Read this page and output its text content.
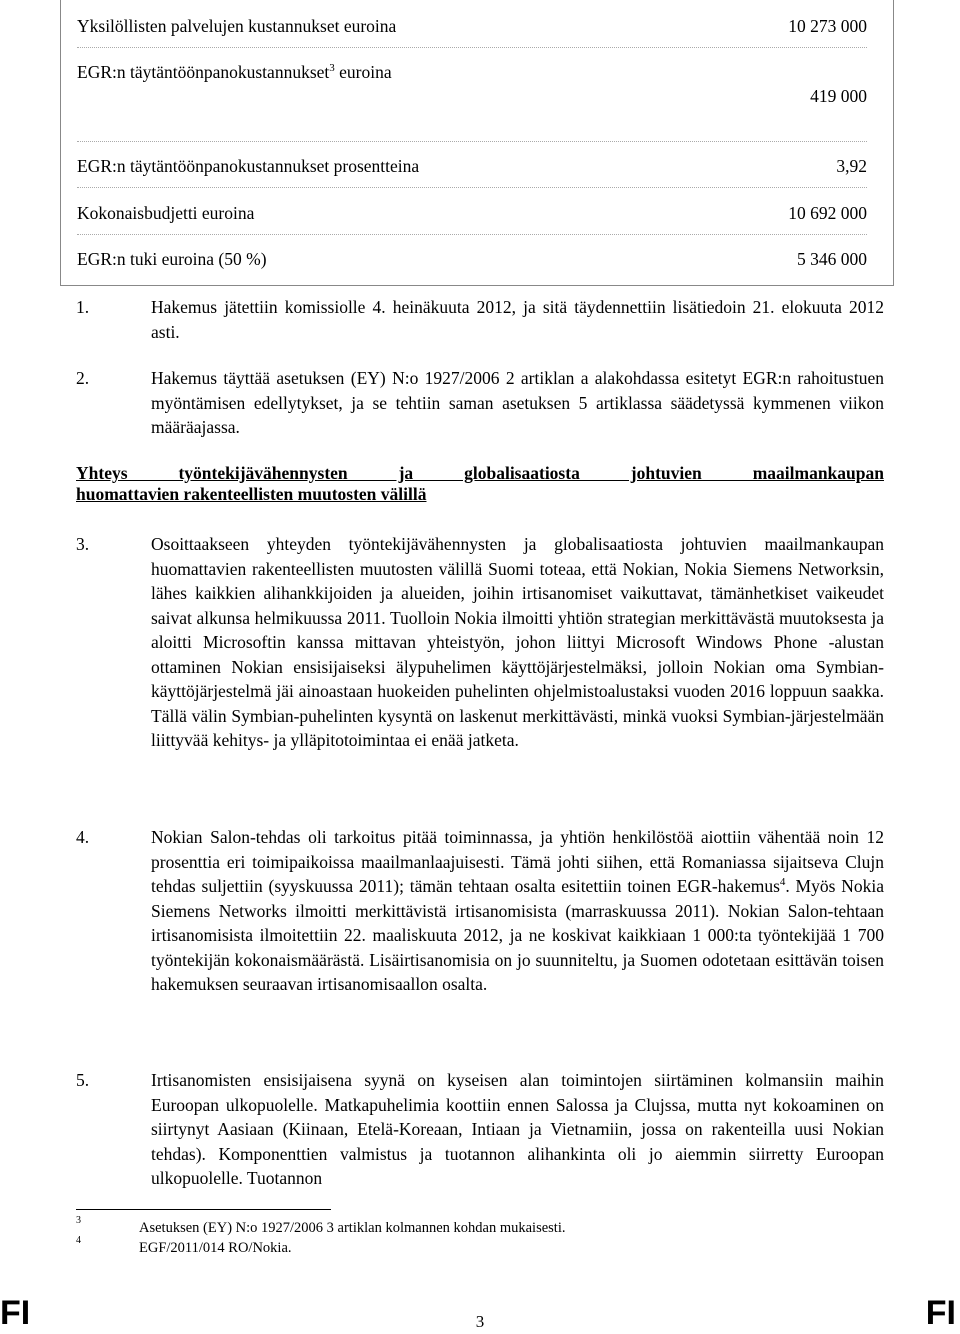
Yksilöllisten palvelujen kustannukset euroina	10 273 000
EGR:n täytäntöönpanokustannukset$^3$ euroina
419 000
EGR:n täytäntöönpanokustannukset prosentteina	3,92
Kokonaisbudjetti euroina	10 692 000
EGR:n tuki euroina (50 %)	5 346 000
1.	Hakemus jätettiin komissiolle 4. heinäkuuta 2012, ja sitä täydennettiin lisätiedoin 21. elokuuta 2012 asti.
2.	Hakemus täyttää asetuksen (EY) N:o 1927/2006 2 artiklan a alakohdassa esitetyt EGR:n rahoitustuen myöntämisen edellytykset, ja se tehtiin saman asetuksen 5 artiklassa säädetyssä kymmenen viikon määräajassa.
Yhteys työntekijävähennysten ja globalisaatiosta johtuvien maailmankaupan
huomattavien rakenteellisten muutosten välillä
3.	Osoittaakseen yhteyden työntekijävähennysten ja globalisaatiosta johtuvien maailmankaupan huomattavien rakenteellisten muutosten välillä Suomi toteaa, että Nokian, Nokia Siemens Networksin, lähes kaikkien alihankkijoiden ja alueiden, joihin irtisanomiset vaikuttavat, tämänhetkiset vaikeudet saivat alkunsa helmikuussa 2011. Tuolloin Nokia ilmoitti yhtiön strategian merkittävästä muutoksesta ja aloitti Microsoftin kanssa mittavan yhteistyön, johon liittyi Microsoft Windows Phone -alustan ottaminen Nokian ensisijaiseksi älypuhelimen käyttöjärjestelmäksi, jolloin Nokian oma Symbian-käyttöjärjestelmä jäi ainoastaan huokeiden puhelinten ohjelmistoalustaksi vuoden 2016 loppuun saakka. Tällä välin Symbian-puhelinten kysyntä on laskenut merkittävästi, minkä vuoksi Symbian-järjestelmään liittyvää kehitys- ja ylläpitotoimintaa ei enää jatketa.
4.	Nokian Salon-tehdas oli tarkoitus pitää toiminnassa, ja yhtiön henkilöstöä aiottiin vähentää noin 12 prosenttia eri toimipaikoissa maailmanlaajuisesti. Tämä johti siihen, että Romaniassa sijaitseva Clujn tehdas suljettiin (syyskuussa 2011); tämän tehtaan osalta esitettiin toinen EGR-hakemus$^4$. Myös Nokia Siemens Networks ilmoitti merkittävistä irtisanomisista (marraskuussa 2011). Nokian Salon-tehtaan irtisanomisista ilmoitettiin 22. maaliskuuta 2012, ja ne koskivat kaikkiaan 1 000:ta työntekijää 1 700 työntekijän kokonaismäärästä. Lisäirtisanomisia on jo suunniteltu, ja Suomen odotetaan esittävän toisen hakemuksen seuraavan irtisanomisaallon osalta.
5.	Irtisanomisten ensisijaisena syynä on kyseisen alan toimintojen siirtäminen kolmansiin maihin Euroopan ulkopuolelle. Matkapuhelimia koottiin ennen Salossa ja Clujssa, mutta nyt kokoaminen on siirtynyt Aasiaan (Kiinaan, Etelä-Koreaan, Intiaan ja Vietnamiin, jossa on rakenteilla uusi Nokian tehdas). Komponenttien valmistus ja tuotannon alihankinta oli jo aiemmin siirretty Euroopan ulkopuolelle. Tuotannon
3	Asetuksen (EY) N:o 1927/2006 3 artiklan kolmannen kohdan mukaisesti.
4	EGF/2011/014 RO/Nokia.
FI	3	FI
